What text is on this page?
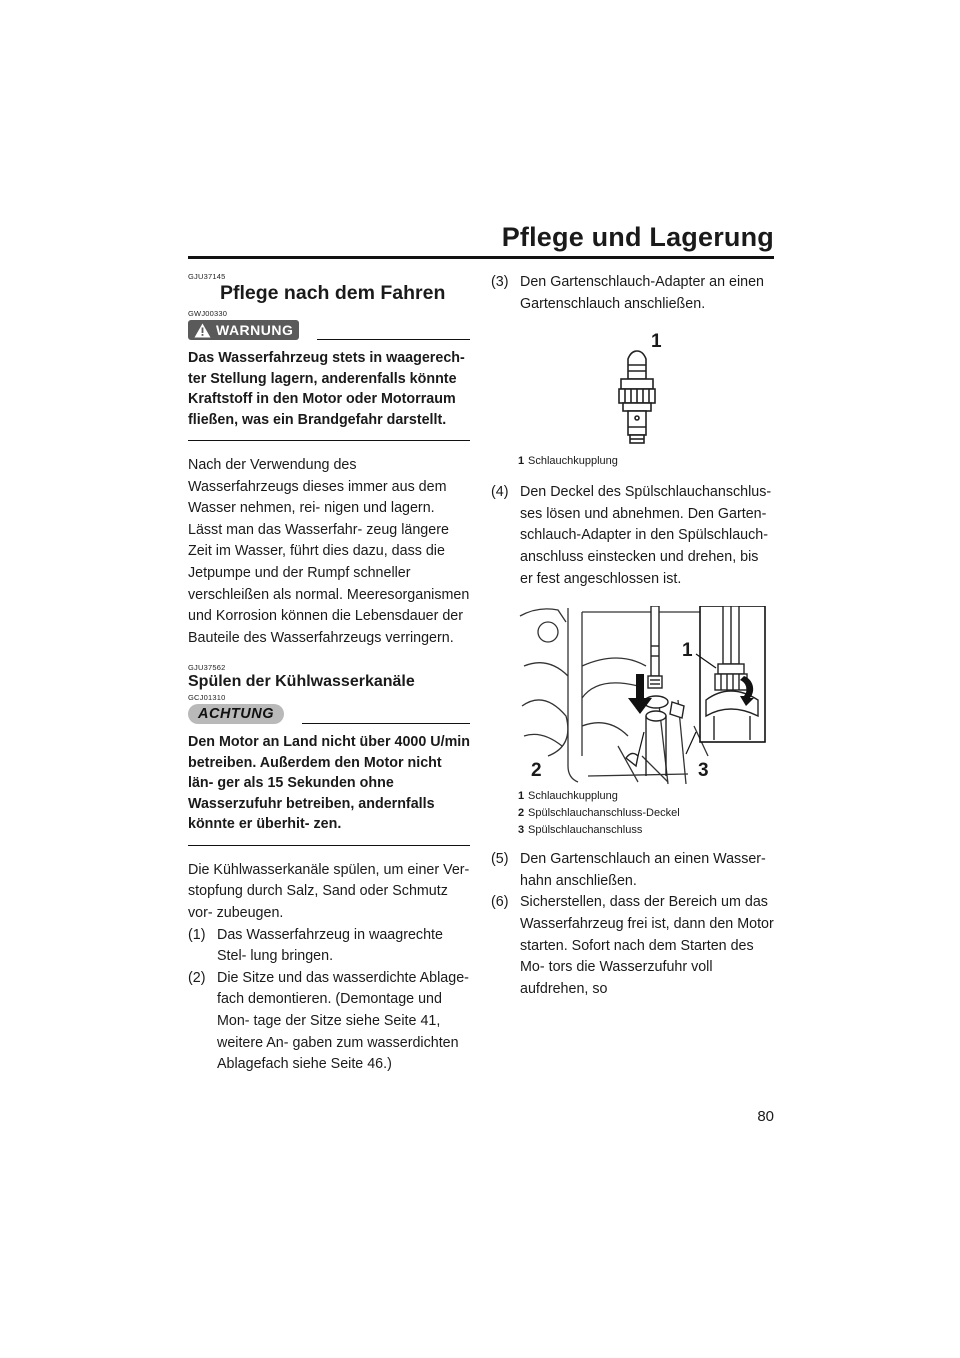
Pflege und Lagerung
GJU37145
Pflege nach dem Fahren
GWJ00330
WARNUNG

Das Wasserfahrzeug stets in waagerech- ter Stellung lagern, anderenfalls könnte Kraftstoff in den Motor oder Motorraum fließen, was ein Brandgefahr darstellt.

Nach der Verwendung des Wasserfahrzeugs dieses immer aus dem Wasser nehmen, rei- nigen und lagern. Lässt man das Wasserfahr- zeug längere Zeit im Wasser, führt dies dazu, dass die Jetpumpe und der Rumpf schneller verschleißen als normal. Meeresorganismen und Korrosion können die Lebensdauer der Bauteile des Wasserfahrzeugs verringern.

GJU37562
Spülen der Kühlwasserkanäle
GCJ01310
ACHTUNG

Den Motor an Land nicht über 4000 U/min betreiben. Außerdem den Motor nicht län- ger als 15 Sekunden ohne Wasserzufuhr betreiben, andernfalls könnte er überhit- zen.

Die Kühlwasserkanäle spülen, um einer Ver- stopfung durch Salz, Sand oder Schmutz vor- zubeugen.

(1) Das Wasserfahrzeug in waagrechte Stel- lung bringen.
(2) Die Sitze und das wasserdichte Ablage- fach demontieren. (Demontage und Mon- tage der Sitze siehe Seite 41, weitere An- gaben zum wasserdichten Ablagefach siehe Seite 46.)
(3) Den Gartenschlauch-Adapter an einen Gartenschlauch anschließen.
1
1 Schlauchkupplung
(4) Den Deckel des Spülschlauchanschlus- ses lösen und abnehmen. Den Garten- schlauch-Adapter in den Spülschlauch- anschluss einstecken und drehen, bis er fest angeschlossen ist.
1
2	3
1 Schlauchkupplung
2 Spülschlauchanschluss-Deckel
3 Spülschlauchanschluss
(5) Den Gartenschlauch an einen Wasser- hahn anschließen.
(6) Sicherstellen, dass der Bereich um das Wasserfahrzeug frei ist, dann den Motor starten. Sofort nach dem Starten des Mo- tors die Wasserzufuhr voll aufdrehen, so
80
